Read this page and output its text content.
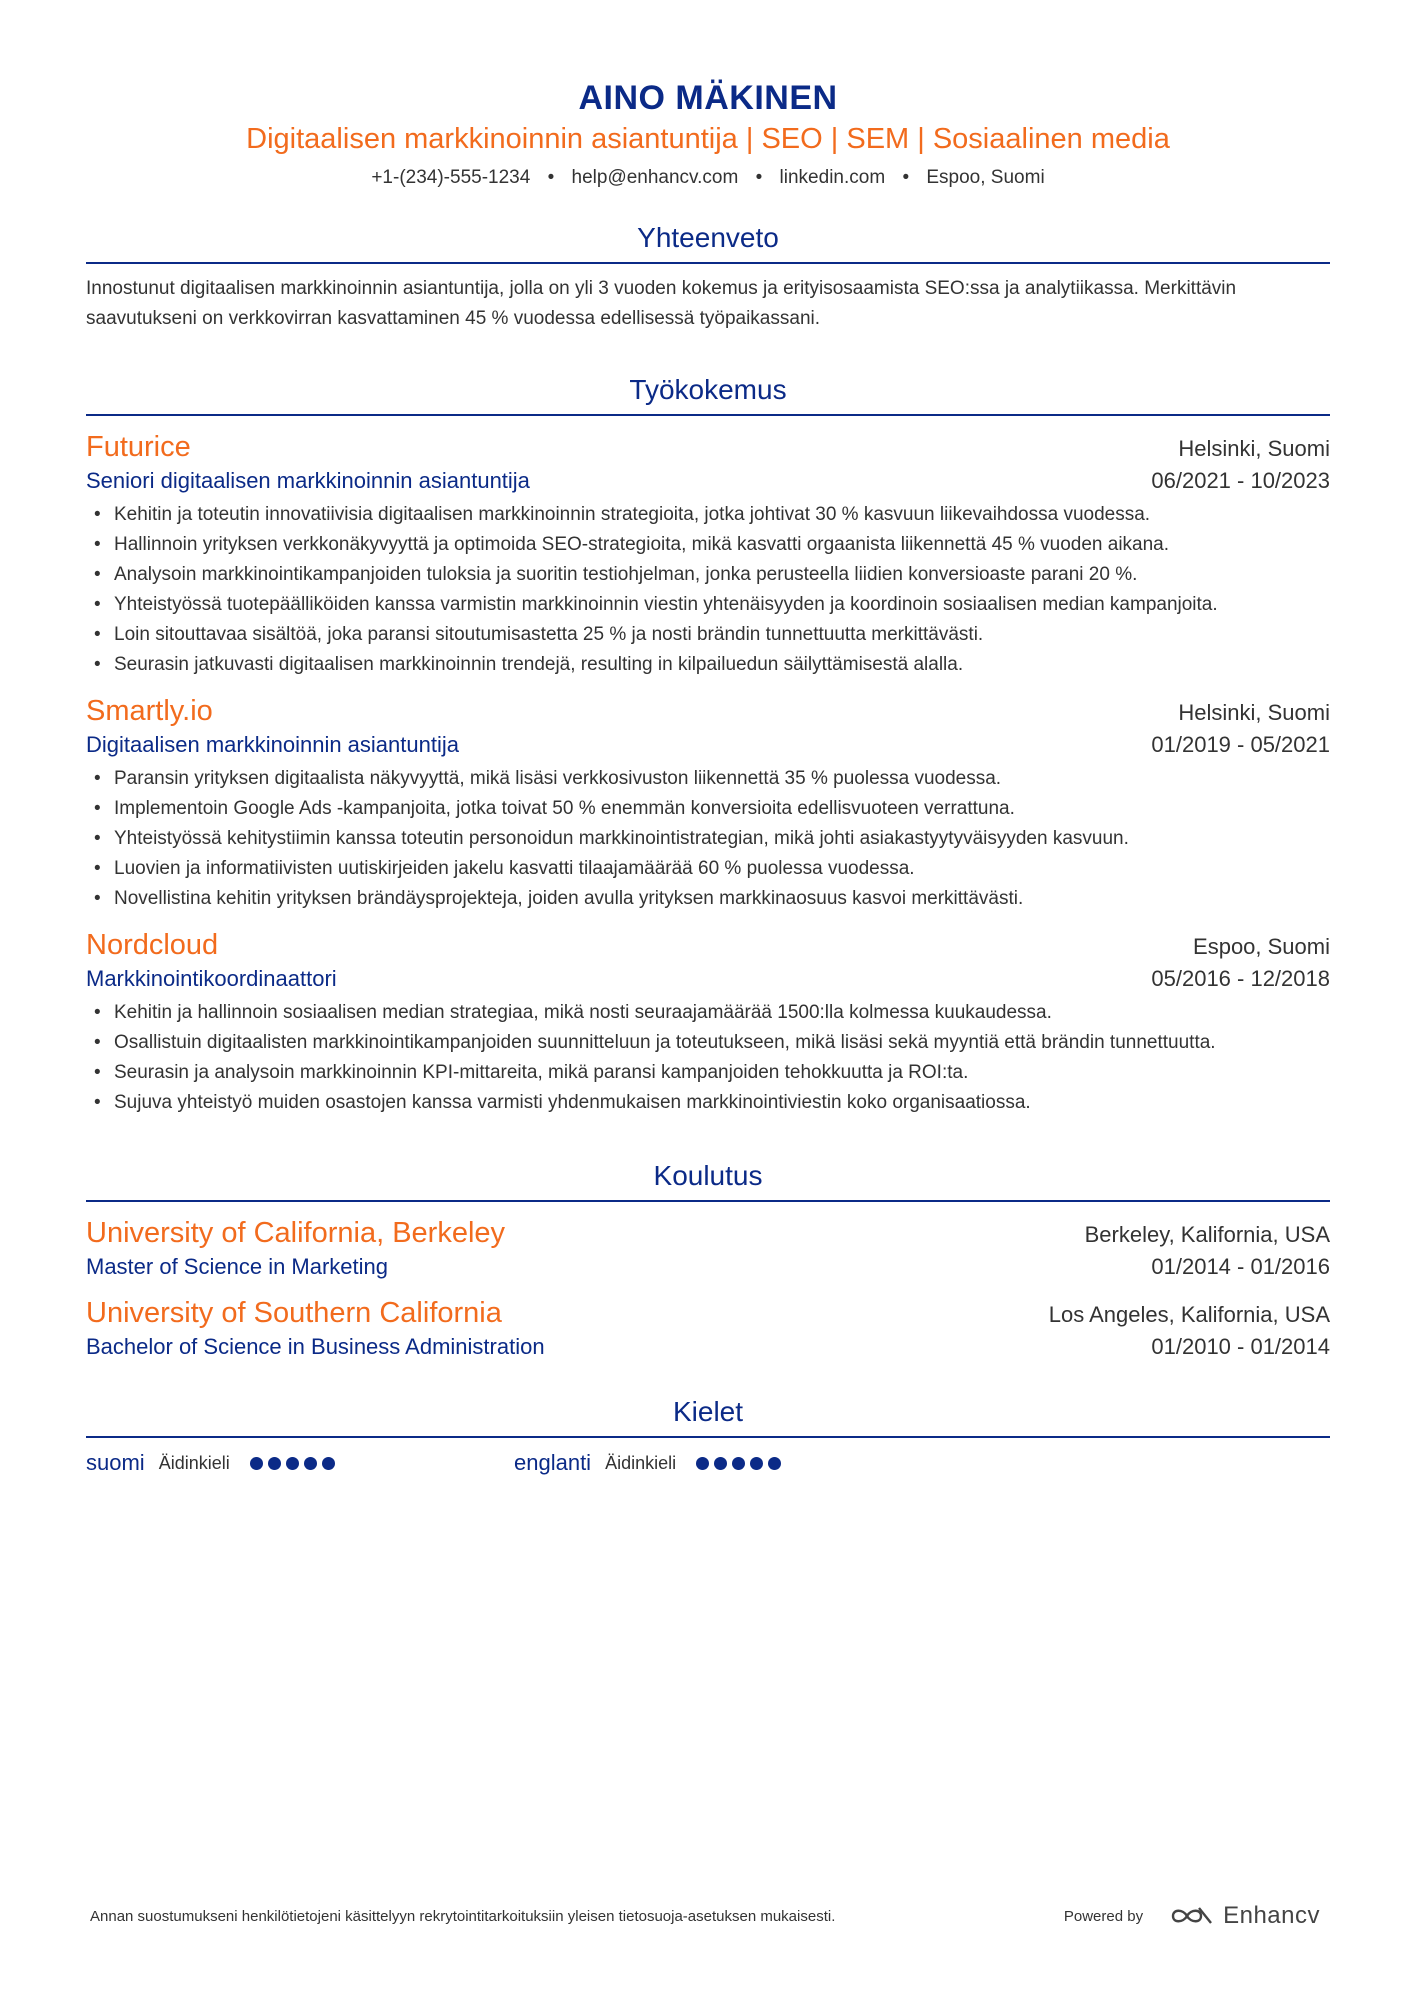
AINO MÄKINEN
Digitaalisen markkinoinnin asiantuntija | SEO | SEM | Sosiaalinen media
+1-(234)-555-1234 • help@enhancv.com • linkedin.com • Espoo, Suomi
Yhteenveto
Innostunut digitaalisen markkinoinnin asiantuntija, jolla on yli 3 vuoden kokemus ja erityisosaamista SEO:ssa ja analytiikassa. Merkittävin saavutukseni on verkkovirran kasvattaminen 45 % vuodessa edellisessä työpaikassani.
Työkokemus
Futurice	Helsinki, Suomi
Seniori digitaalisen markkinoinnin asiantuntija	06/2021 - 10/2023
• Kehitin ja toteutin innovatiivisia digitaalisen markkinoinnin strategioita, jotka johtivat 30 % kasvuun liikevaihdossa vuodessa.
• Hallinnoin yrityksen verkkonäkyvyyttä ja optimoida SEO-strategioita, mikä kasvatti orgaanista liikennettä 45 % vuoden aikana.
• Analysoin markkinointikampanjoiden tuloksia ja suoritin testiohjelman, jonka perusteella liidien konversioaste parani 20 %.
• Yhteistyössä tuotepäälliköiden kanssa varmistin markkinoinnin viestin yhtenäisyyden ja koordinoin sosiaalisen median kampanjoita.
• Loin sitouttavaa sisältöä, joka paransi sitoutumisastetta 25 % ja nosti brändin tunnettuutta merkittävästi.
• Seurasin jatkuvasti digitaalisen markkinoinnin trendejä, resulting in kilpailuedun säilyttämisestä alalla.
Smartly.io	Helsinki, Suomi
Digitaalisen markkinoinnin asiantuntija	01/2019 - 05/2021
• Paransin yrityksen digitaalista näkyvyyttä, mikä lisäsi verkkosivuston liikennettä 35 % puolessa vuodessa.
• Implementoin Google Ads -kampanjoita, jotka toivat 50 % enemmän konversioita edellisvuoteen verrattuna.
• Yhteistyössä kehitystiimin kanssa toteutin personoidun markkinointistrategian, mikä johti asiakastyytyväisyyden kasvuun.
• Luovien ja informatiivisten uutiskirjeiden jakelu kasvatti tilaajamäärää 60 % puolessa vuodessa.
• Novellistina kehitin yrityksen brändäysprojekteja, joiden avulla yrityksen markkinaosuus kasvoi merkittävästi.
Nordcloud	Espoo, Suomi
Markkinointikoordinaattori	05/2016 - 12/2018
• Kehitin ja hallinnoin sosiaalisen median strategiaa, mikä nosti seuraajamäärää 1500:lla kolmessa kuukaudessa.
• Osallistuin digitaalisten markkinointikampanjoiden suunnitteluun ja toteutukseen, mikä lisäsi sekä myyntiä että brändin tunnettuutta.
• Seurasin ja analysoin markkinoinnin KPI-mittareita, mikä paransi kampanjoiden tehokkuutta ja ROI:ta.
• Sujuva yhteistyö muiden osastojen kanssa varmisti yhdenmukaisen markkinointiviestin koko organisaatiossa.
Koulutus
University of California, Berkeley	Berkeley, Kalifornia, USA
Master of Science in Marketing	01/2014 - 01/2016
University of Southern California	Los Angeles, Kalifornia, USA
Bachelor of Science in Business Administration	01/2010 - 01/2014
Kielet
suomi Äidinkieli	englanti Äidinkieli
Annan suostumukseni henkilötietojeni käsittelyyn rekrytointitarkoituksiin yleisen tietosuoja-asetuksen mukaisesti.	Powered by	Enhancv
